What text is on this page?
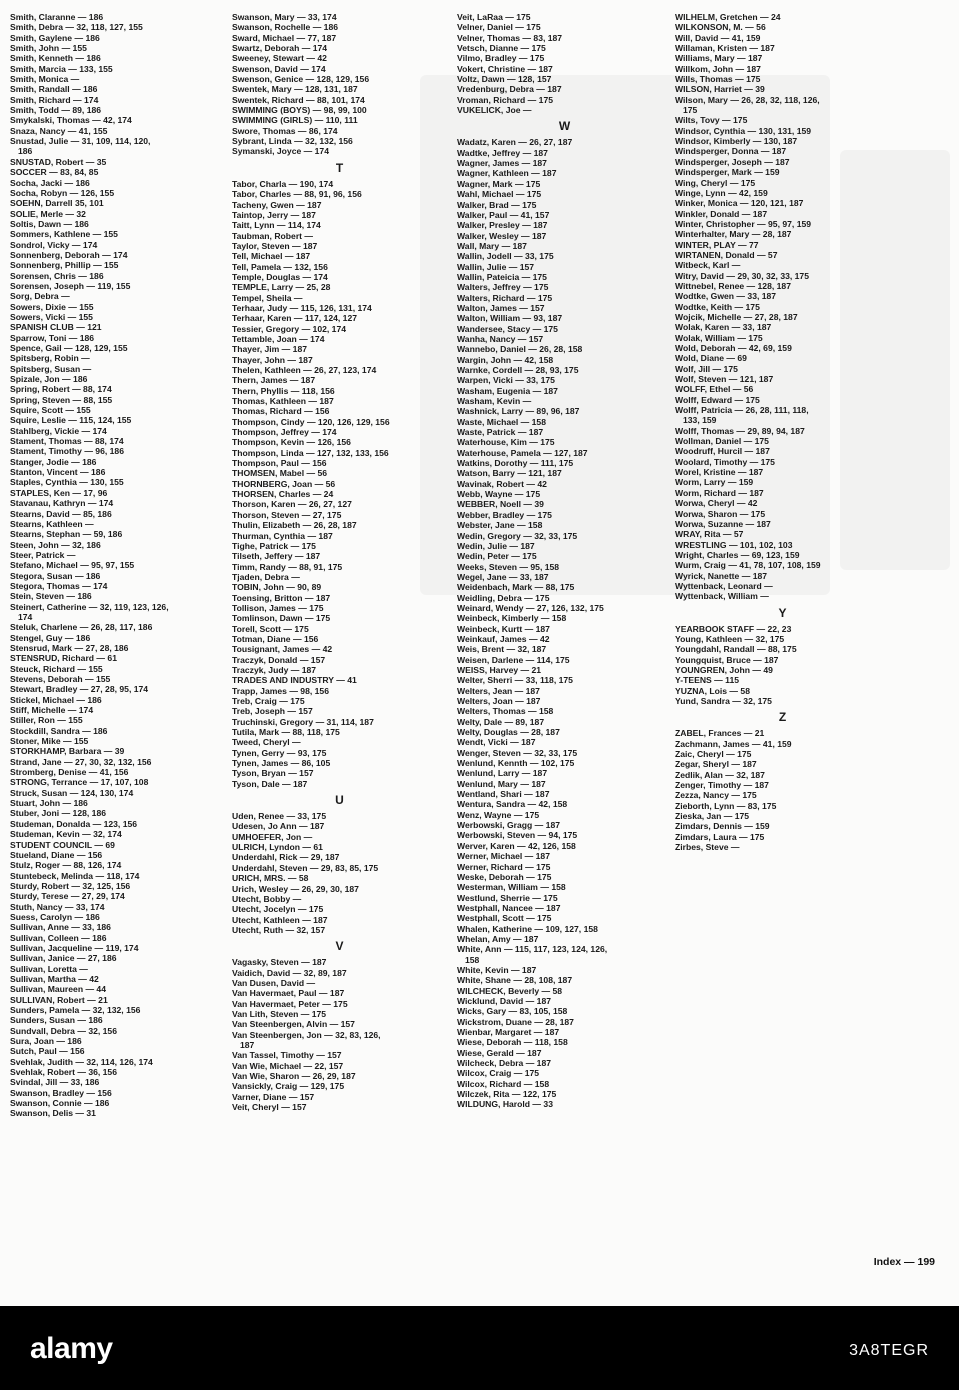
Smith, Claranne — 186
Smith, Debra — 32, 118, 127, 155
Smith, Gaylene — 186
Smith, John — 155
Smith, Kenneth — 186
Smith, Marcia — 133, 155
Smith, Monica —
Smith, Randall — 186
Smith, Richard — 174
Smith, Todd — 89, 186
Smykalski, Thomas — 42, 174
Snaza, Nancy — 41, 155
Snustad, Julie — 31, 109, 114, 120,
186
SNUSTAD, Robert — 35
SOCCER — 83, 84, 85
Socha, Jacki — 186
Socha, Robyn — 126, 155
SOEHN, Darrell 35, 101
SOLIE, Merle — 32
Soltis, Dawn — 186
Sommers, Kathlene — 155
Sondrol, Vicky — 174
Sonnenberg, Deborah — 174
Sonnenberg, Phillip — 155
Sorensen, Chris — 186
Sorensen, Joseph — 119, 155
Sorg, Debra —
Sowers, Dixie — 155
Sowers, Vicki — 155
SPANISH CLUB — 121
Sparrow, Toni — 186
Spence, Gail — 128, 129, 155
Spitsberg, Robin —
Spitsberg, Susan —
Spizale, Jon — 186
Spring, Robert — 88, 174
Spring, Steven — 88, 155
Squire, Scott — 155
Squire, Leslie — 115, 124, 155
Stahlberg, Vickie — 174
Stament, Thomas — 88, 174
Stament, Timothy — 96, 186
Stanger, Jodie — 186
Stanton, Vincent — 186
Staples, Cynthia — 130, 155
STAPLES, Ken — 17, 96
Stavanau, Kathryn — 174
Stearns, David — 85, 186
Stearns, Kathleen —
Stearns, Stephan — 59, 186
Steen, John — 32, 186
Steer, Patrick —
Stefano, Michael — 95, 97, 155
Stegora, Susan — 186
Stegora, Thomas — 174
Stein, Steven — 186
Steinert, Catherine — 32, 119, 123, 126,
174
Steluk, Charlene — 26, 28, 117, 186
Stengel, Guy — 186
Stensrud, Mark — 27, 28, 186
STENSRUD, Richard — 61
Steuck, Richard — 155
Stevens, Deborah — 155
Stewart, Bradley — 27, 28, 95, 174
Stickel, Michael — 186
Stiff, Michelle — 174
Stiller, Ron — 155
Stockdill, Sandra — 186
Stoner, Mike — 155
STORKHAMP, Barbara — 39
Strand, Jane — 27, 30, 32, 132, 156
Stromberg, Denise — 41, 156
STRONG, Terrance — 17, 107, 108
Struck, Susan — 124, 130, 174
Stuart, John — 186
Stuber, Joni — 128, 186
Studeman, Donalda — 123, 156
Studeman, Kevin — 32, 174
STUDENT COUNCIL — 69
Stueland, Diane — 156
Stulz, Roger — 88, 126, 174
Stuntebeck, Melinda — 118, 174
Sturdy, Robert — 32, 125, 156
Sturdy, Terese — 27, 29, 174
Stuth, Nancy — 33, 174
Suess, Carolyn — 186
Sullivan, Anne — 33, 186
Sullivan, Colleen — 186
Sullivan, Jacqueline — 119, 174
Sullivan, Janice — 27, 186
Sullivan, Loretta —
Sullivan, Martha — 42
Sullivan, Maureen — 44
SULLIVAN, Robert — 21
Sunders, Pamela — 32, 132, 156
Sunders, Susan — 186
Sundvall, Debra — 32, 156
Sura, Joan — 186
Sutch, Paul — 156
Svehlak, Judith — 32, 114, 126, 174
Svehlak, Robert — 36, 156
Svindal, Jill — 33, 186
Swanson, Bradley — 156
Swanson, Connie — 186
Swanson, Delis — 31
Swanson, Mary — 33, 174
Swanson, Rochelle — 186
Sward, Michael — 77, 187
Swartz, Deborah — 174
Sweeney, Stewart — 42
Swenson, David — 174
Swenson, Genice — 128, 129, 156
Swentek, Mary — 128, 131, 187
Swentek, Richard — 88, 101, 174
SWIMMING (BOYS) — 98, 99, 100
SWIMMING (GIRLS) — 110, 111
Swore, Thomas — 86, 174
Sybrant, Linda — 32, 132, 156
Symanski, Joyce — 174
T
Tabor, Charla — 190, 174
Tabor, Charles — 88, 91, 96, 156
Tacheny, Gwen — 187
Taintop, Jerry — 187
Taitt, Lynn — 114, 174
Taubman, Robert —
Taylor, Steven — 187
Tell, Michael — 187
Tell, Pamela — 132, 156
Temple, Douglas — 174
TEMPLE, Larry — 25, 28
Tempel, Sheila —
Terhaar, Judy — 115, 126, 131, 174
Terhaar, Karen — 117, 124, 127
Tessier, Gregory — 102, 174
Tettamble, Joan — 174
Thayer, Jim — 187
Thayer, John — 187
Thelen, Kathleen — 26, 27, 123, 174
Thern, James — 187
Thern, Phyllis — 118, 156
Thomas, Kathleen — 187
Thomas, Richard — 156
Thompson, Cindy — 120, 126, 129, 156
Thompson, Jeffrey — 174
Thompson, Kevin — 126, 156
Thompson, Linda — 127, 132, 133, 156
Thompson, Paul — 156
THOMSEN, Mabel — 56
THORNBERG, Joan — 56
THORSEN, Charles — 24
Thorson, Karen — 26, 27, 127
Thorson, Steven — 27, 175
Thulin, Elizabeth — 26, 28, 187
Thurman, Cynthia — 187
Tighe, Patrick — 175
Tilseth, Jeffery — 187
Timm, Randy — 88, 91, 175
Tjaden, Debra —
TOBIN, John — 90, 89
Toensing, Britton — 187
Tollison, James — 175
Tomlinson, Dawn — 175
Torell, Scott — 175
Totman, Diane — 156
Tousignant, James — 42
Traczyk, Donald — 157
Traczyk, Judy — 187
TRADES AND INDUSTRY — 41
Trapp, James — 98, 156
Treb, Craig — 175
Treb, Joseph — 157
Truchinski, Gregory — 31, 114, 187
Tutila, Mark — 88, 118, 175
Tweed, Cheryl —
Tynen, Gerry — 93, 175
Tynen, James — 86, 105
Tyson, Bryan — 157
Tyson, Dale — 187
U
Uden, Renee — 33, 175
Udesen, Jo Ann — 187
UMHOEFER, Jon —
ULRICH, Lyndon — 61
Underdahl, Rick — 29, 187
Underdahl, Steven — 29, 83, 85, 175
URICH, MRS. — 58
Urich, Wesley — 26, 29, 30, 187
Utecht, Bobby —
Utecht, Jocelyn — 175
Utecht, Kathleen — 187
Utecht, Ruth — 32, 157
V
Vagasky, Steven — 187
Vaidich, David — 32, 89, 187
Van Dusen, David —
Van Havermaet, Paul — 187
Van Havermaet, Peter — 175
Van Lith, Steven — 175
Van Steenbergen, Alvin — 157
Van Steenbergen, Jon — 32, 83, 126,
187
Van Tassel, Timothy — 157
Van Wie, Michael — 22, 157
Van Wie, Sharon — 26, 29, 187
Vansickly, Craig — 129, 175
Varner, Diane — 157
Veit, Cheryl — 157
Veit, LaRaa — 175
Velner, Daniel — 175
Velner, Thomas — 83, 187
Vetsch, Dianne — 175
Vilmo, Bradley — 175
Vokert, Christine — 187
Voltz, Dawn — 128, 157
Vredenburg, Debra — 187
Vroman, Richard — 175
VUKELICK, Joe —
W
Wadatz, Karen — 26, 27, 187
Wadtke, Jeffrey — 187
Wagner, James — 187
Wagner, Kathleen — 187
Wagner, Mark — 175
Wahl, Michael — 175
Walker, Brad — 175
Walker, Paul — 41, 157
Walker, Presley — 187
Walker, Wesley — 187
Wall, Mary — 187
Wallin, Jodell — 33, 175
Wallin, Julie — 157
Wallin, Pateicia — 175
Walters, Jeffrey — 175
Walters, Richard — 175
Walton, James — 157
Walton, William — 93, 187
Wandersee, Stacy — 175
Wanha, Nancy — 157
Wannebo, Daniel — 26, 28, 158
Wargin, John — 42, 158
Warnke, Cordell — 28, 93, 175
Warpen, Vicki — 33, 175
Washam, Eugenia — 187
Washam, Kevin —
Washnick, Larry — 89, 96, 187
Waste, Michael — 158
Waste, Patrick — 187
Waterhouse, Kim — 175
Waterhouse, Pamela — 127, 187
Watkins, Dorothy — 111, 175
Watson, Barry — 121, 187
Wavinak, Robert — 42
Webb, Wayne — 175
WEBBER, Noell — 39
Webber, Bradley — 175
Webster, Jane — 158
Wedin, Gregory — 32, 33, 175
Wedin, Julie — 187
Wedin, Peter — 175
Weeks, Steven — 95, 158
Wegel, Jane — 33, 187
Weidenbach, Mark — 88, 175
Weidling, Debra — 175
Weinard, Wendy — 27, 126, 132, 175
Weinbeck, Kimberly — 158
Weinbeck, Kurtt — 187
Weinkauf, James — 42
Weis, Brent — 32, 187
Weisen, Darlene — 114, 175
WEISS, Harvey — 21
Welter, Sherri — 33, 118, 175
Welters, Jean — 187
Welters, Joan — 187
Welters, Thomas — 158
Welty, Dale — 89, 187
Welty, Douglas — 28, 187
Wendt, Vicki — 187
Wenger, Steven — 32, 33, 175
Wenlund, Kennth — 102, 175
Wenlund, Larry — 187
Wenlund, Mary — 187
Wentland, Shari — 187
Wentura, Sandra — 42, 158
Wenz, Wayne — 175
Werbowski, Gragg — 187
Werbowski, Steven — 94, 175
Werver, Karen — 42, 126, 158
Werner, Michael — 187
Werner, Richard — 175
Weske, Deborah — 175
Westerman, William — 158
Westlund, Sherrie — 175
Westphall, Nancee — 187
Westphall, Scott — 175
Whalen, Katherine — 109, 127, 158
Whelan, Amy — 187
White, Ann — 115, 117, 123, 124, 126,
158
White, Kevin — 187
White, Shane — 28, 108, 187
WILCHECK, Beverly — 58
Wicklund, David — 187
Wicks, Gary — 83, 105, 158
Wickstrom, Duane — 28, 187
Wienbar, Margaret — 187
Wiese, Deborah — 118, 158
Wiese, Gerald — 187
Wilcheck, Debra — 187
Wilcox, Craig — 175
Wilcox, Richard — 158
Wilczek, Rita — 122, 175
WILDUNG, Harold — 33
WILHELM, Gretchen — 24
WILKONSON, M. — 56
Will, David — 41, 159
Willaman, Kristen — 187
Williams, Mary — 187
Willkom, John — 187
Wills, Thomas — 175
WILSON, Harriet — 39
Wilson, Mary — 26, 28, 32, 118, 126,
175
Wilts, Tovy — 175
Windsor, Cynthia — 130, 131, 159
Windsor, Kimberly — 130, 187
Windsperger, Donna — 187
Windsperger, Joseph — 187
Windsperger, Mark — 159
Wing, Cheryl — 175
Winge, Lynn — 42, 159
Winker, Monica — 120, 121, 187
Winkler, Donald — 187
Winter, Christopher — 95, 97, 159
Winterhalter, Mary — 28, 187
WINTER, PLAY — 77
WIRTANEN, Donald — 57
Witbeck, Karl —
Witry, David — 29, 30, 32, 33, 175
Wittnebel, Renee — 128, 187
Wodtke, Gwen — 33, 187
Wodtke, Keith — 175
Wojcik, Michelle — 27, 28, 187
Wolak, Karen — 33, 187
Wolak, William — 175
Wold, Deborah — 42, 69, 159
Wold, Diane — 69
Wolf, Jill — 175
Wolf, Steven — 121, 187
WOLFF, Ethel — 56
Wolff, Edward — 175
Wolff, Patricia — 26, 28, 111, 118,
133, 159
Wolff, Thomas — 29, 89, 94, 187
Wollman, Daniel — 175
Woodruff, Hurcil — 187
Woolard, Timothy — 175
Worel, Kristine — 187
Worm, Larry — 159
Worm, Richard — 187
Worwa, Cheryl — 42
Worwa, Sharon — 175
Worwa, Suzanne — 187
WRAY, Rita — 57
WRESTLING — 101, 102, 103
Wright, Charles — 69, 123, 159
Wurm, Craig — 41, 78, 107, 108, 159
Wyrick, Nanette — 187
Wyttenback, Leonard —
Wyttenback, William —
Y
YEARBOOK STAFF — 22, 23
Young, Kathleen — 32, 175
Youngdahl, Randall — 88, 175
Youngquist, Bruce — 187
YOUNGREN, John — 49
Y-TEENS — 115
YUZNA, Lois — 58
Yund, Sandra — 32, 175
Z
ZABEL, Frances — 21
Zachmann, James — 41, 159
Zaic, Cheryl — 175
Zegar, Sheryl — 187
Zedlik, Alan — 32, 187
Zenger, Timothy — 187
Zezza, Nancy — 175
Zieborth, Lynn — 83, 175
Zieska, Jan — 175
Zimdars, Dennis — 159
Zimdars, Laura — 175
Zirbes, Steve —
Index — 199
alamy	3A8TEGR
